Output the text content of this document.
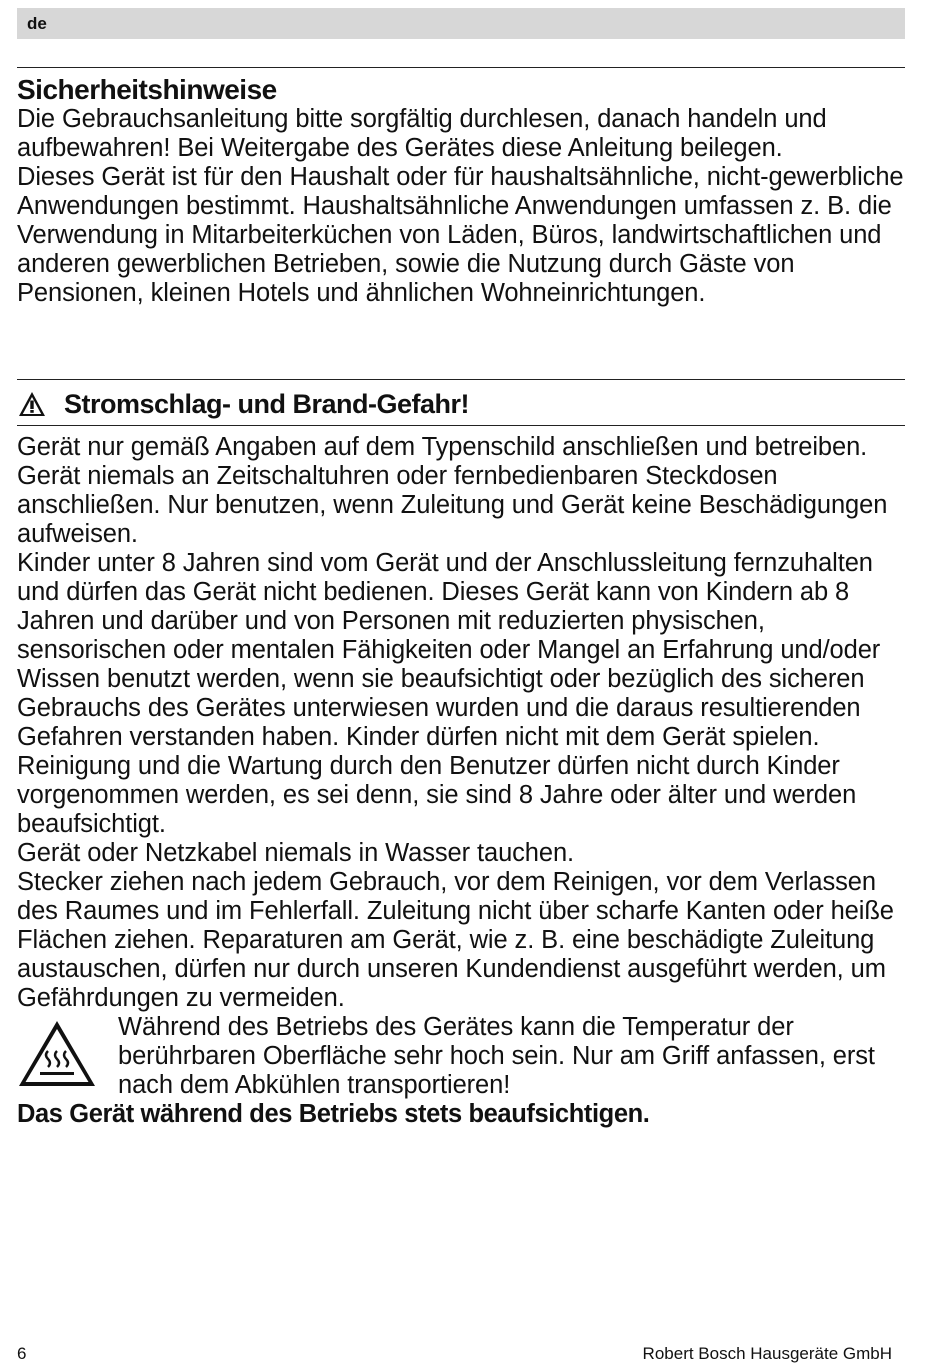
de
Sicherheitshinweise

Die Gebrauchsanleitung bitte sorgfältig durchlesen, danach handeln und aufbewahren! Bei Weitergabe des Gerätes diese Anleitung beilegen.

Dieses Gerät ist für den Haushalt oder für haushaltsähnliche, nicht-gewerbliche Anwendungen bestimmt. Haushaltsähnliche Anwendungen umfassen z. B. die Verwendung in Mitarbeiterküchen von Läden, Büros, landwirtschaftlichen und anderen gewerblichen Betrieben, sowie die Nutzung durch Gäste von Pensionen, kleinen Hotels und ähnlichen Wohneinrichtungen.

Stromschlag- und Brand-Gefahr!

Gerät nur gemäß Angaben auf dem Typenschild anschließen und betreiben. Gerät niemals an Zeitschaltuhren oder fernbedienbaren Steckdosen anschließen. Nur benutzen, wenn Zuleitung und Gerät keine Beschädigungen aufweisen.

Kinder unter 8 Jahren sind vom Gerät und der Anschlussleitung fernzuhalten und dürfen das Gerät nicht bedienen. Dieses Gerät kann von Kindern ab 8 Jahren und darüber und von Personen mit reduzierten physischen, sensorischen oder mentalen Fähigkeiten oder Mangel an Erfahrung und/oder Wissen benutzt werden, wenn sie beaufsichtigt oder bezüglich des sicheren Gebrauchs des Gerätes unterwiesen wurden und die daraus resultierenden Gefahren verstanden haben. Kinder dürfen nicht mit dem Gerät spielen.

Reinigung und die Wartung durch den Benutzer dürfen nicht durch Kinder vorgenommen werden, es sei denn, sie sind 8 Jahre oder älter und werden beaufsichtigt.

Gerät oder Netzkabel niemals in Wasser tauchen.

Stecker ziehen nach jedem Gebrauch, vor dem Reinigen, vor dem Verlassen des Raumes und im Fehlerfall. Zuleitung nicht über scharfe Kanten oder heiße Flächen ziehen. Reparaturen am Gerät, wie z. B. eine beschädigte Zuleitung austauschen, dürfen nur durch unseren Kundendienst ausgeführt werden, um Gefährdungen zu vermeiden.

Während des Betriebs des Gerätes kann die Temperatur der berührbaren Oberfläche sehr hoch sein. Nur am Griff anfassen, erst nach dem Abkühlen transportieren!

Das Gerät während des Betriebs stets beaufsichtigen.

6	Robert Bosch Hausgeräte GmbH
